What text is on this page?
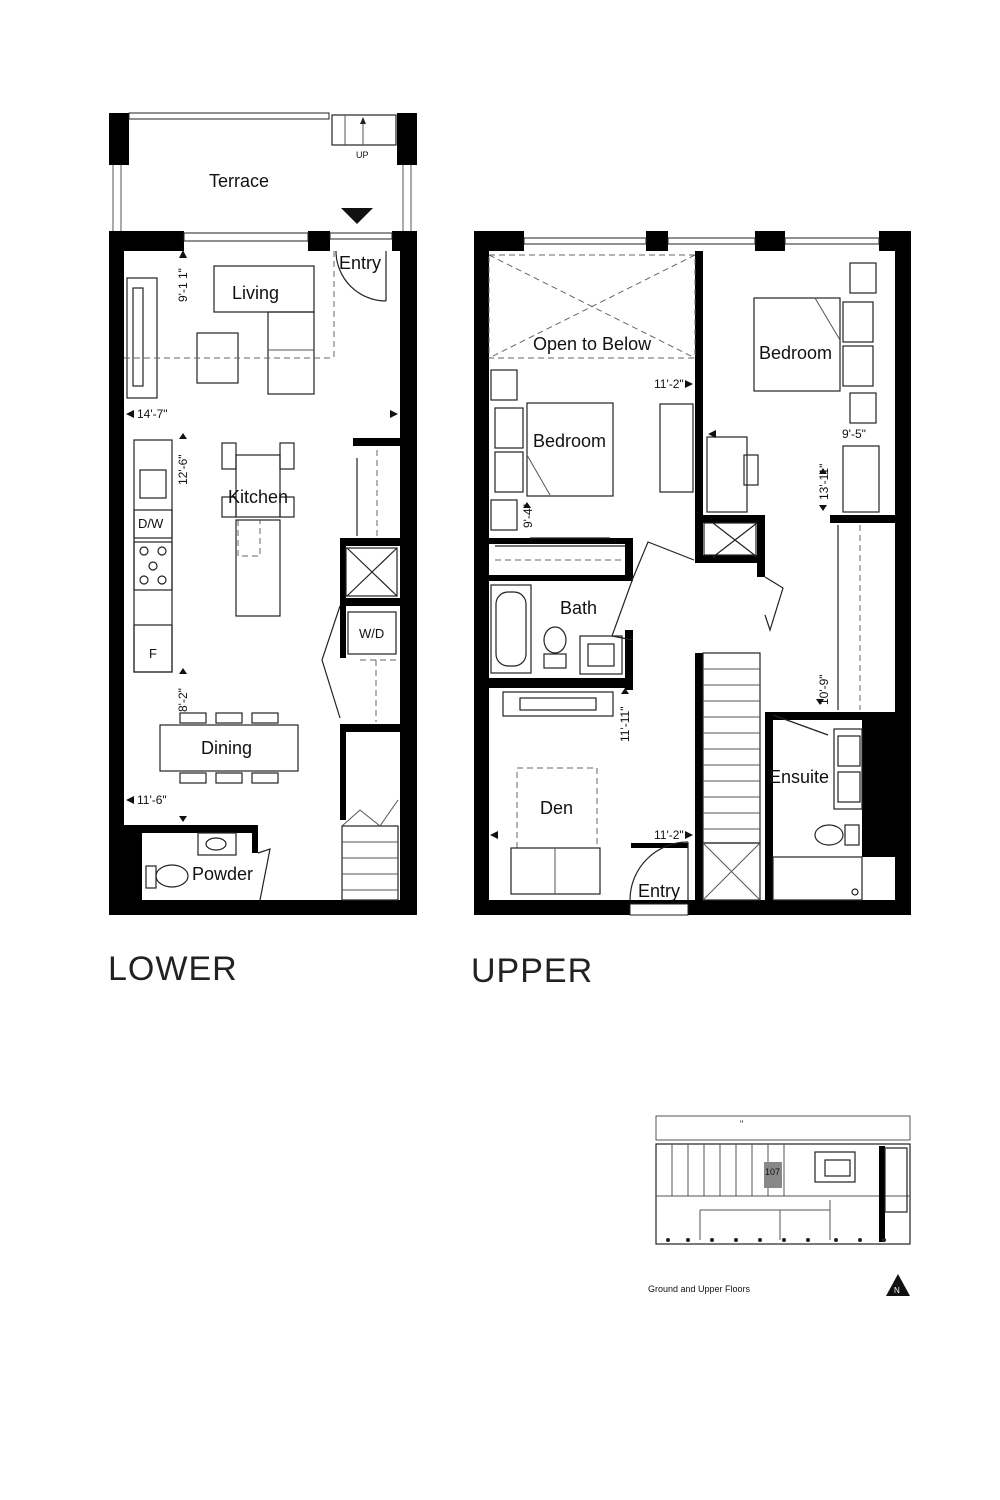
Terrace
UP
Entry
Living
Kitchen
D/W
F
W/D
Dining
Powder
9'-1 1"
14'-7"
12'-6"
8'-2"
11'-6"
Open to Below
Bedroom
Bedroom
Bath
Den
Entry
Ensuite
11'-2"
9'-4"
9'-5"
13'-11"
10'-9"
11'-11"
11'-2"
LOWER	UPPER
"
107
Ground and Upper Floors	N
